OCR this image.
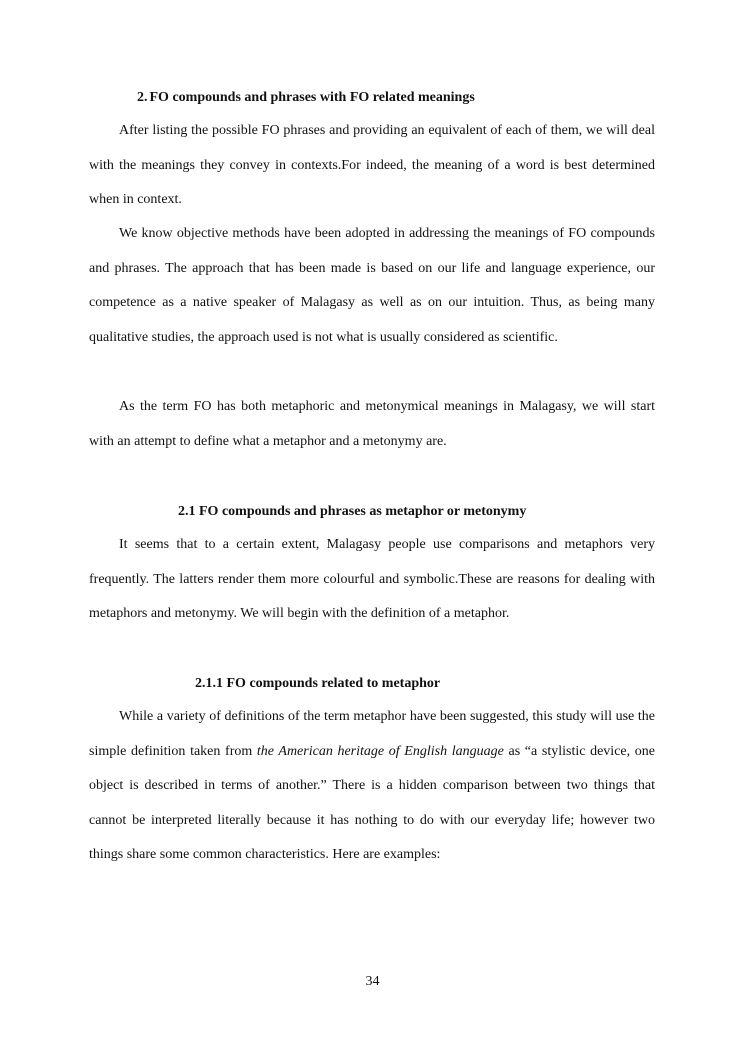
2. FO compounds and phrases with FO related meanings

After listing the possible FO phrases and providing an equivalent of each of them, we will deal with the meanings they convey in contexts.For indeed, the meaning of a word is best determined when in context.

We know objective methods have been adopted in addressing the meanings of FO compounds and phrases. The approach that has been made is based on our life and language experience, our competence as a native speaker of Malagasy as well as on our intuition. Thus, as being many qualitative studies, the approach used is not what is usually considered as scientific.

As the term FO has both metaphoric and metonymical meanings in Malagasy, we will start with an attempt to define what a metaphor and a metonymy are.

2.1 FO compounds and phrases as metaphor or metonymy

It seems that to a certain extent, Malagasy people use comparisons and metaphors very frequently. The latters render them more colourful and symbolic.These are reasons for dealing with metaphors and metonymy. We will begin with the definition of a metaphor.

2.1.1 FO compounds related to metaphor

While a variety of definitions of the term metaphor have been suggested, this study will use the simple definition taken from the American heritage of English language as “a stylistic device, one object is described in terms of another.” There is a hidden comparison between two things that cannot be interpreted literally because it has nothing to do with our everyday life; however two things share some common characteristics. Here are examples:

34
